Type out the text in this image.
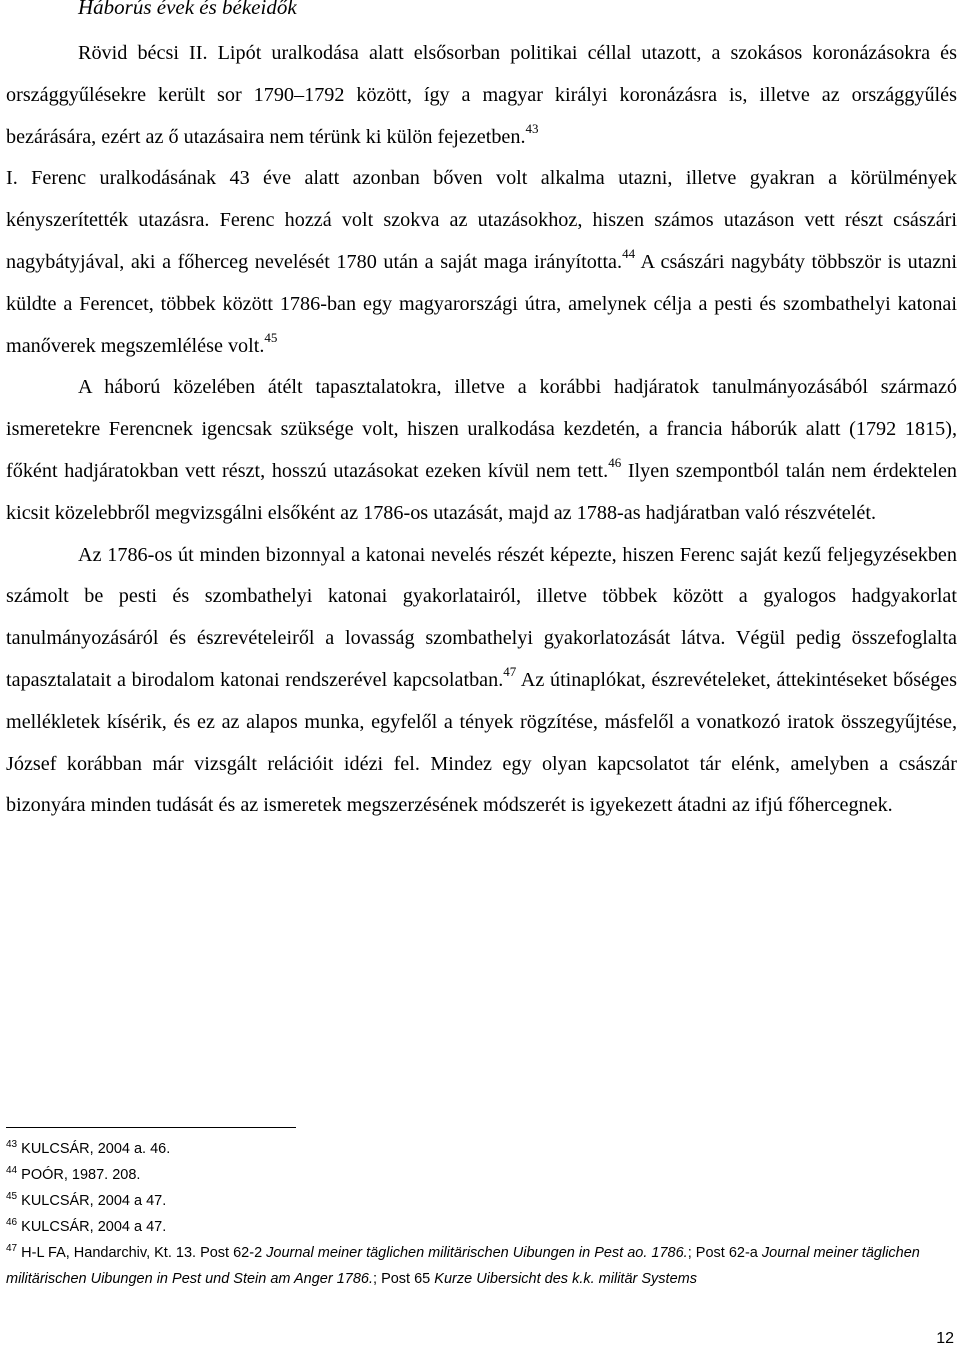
Háborús évek és békeidők

Rövid bécsi II. Lipót uralkodása alatt elsősorban politikai céllal utazott, a szokásos koronázásokra és országgyűlésekre került sor 1790–1792 között, így a magyar királyi koronázásra is, illetve az országgyűlés bezárására, ezért az ő utazásaira nem térünk ki külön fejezetben.$^{43}$

I. Ferenc uralkodásának 43 éve alatt azonban bőven volt alkalma utazni, illetve gyakran a körülmények kényszerítették utazásra. Ferenc hozzá volt szokva az utazásokhoz, hiszen számos utazáson vett részt császári nagybátyjával, aki a főherceg nevelését 1780 után a saját maga irányította.$^{44}$ A császári nagybáty többször is utazni küldte a Ferencet, többek között 1786-ban egy magyarországi útra, amelynek célja a pesti és szombathelyi katonai manőverek megszemlélése volt.$^{45}$

A háború közelében átélt tapasztalatokra, illetve a korábbi hadjáratok tanulmányozásából származó ismeretekre Ferencnek igencsak szüksége volt, hiszen uralkodása kezdetén, a francia háborúk alatt (1792 1815), főként hadjáratokban vett részt, hosszú utazásokat ezeken kívül nem tett.$^{46}$ Ilyen szempontból talán nem érdektelen kicsit közelebbről megvizsgálni elsőként az 1786-os utazását, majd az 1788-as hadjáratban való részvételét.

Az 1786-os út minden bizonnyal a katonai nevelés részét képezte, hiszen Ferenc saját kezű feljegyzésekben számolt be pesti és szombathelyi katonai gyakorlatairól, illetve többek között a gyalogos hadgyakorlat tanulmányozásáról és észrevételeiről a lovasság szombathelyi gyakorlatozását látva. Végül pedig összefoglalta tapasztalatait a birodalom katonai rendszerével kapcsolatban.$^{47}$ Az útinaplókat, észrevételeket, áttekintéseket bőséges mellékletek kísérik, és ez az alapos munka, egyfelől a tények rögzítése, másfelől a vonatkozó iratok összegyűjtése, József korábban már vizsgált relációit idézi fel. Mindez egy olyan kapcsolatot tár elénk, amelyben a császár bizonyára minden tudását és az ismeretek megszerzésének módszerét is igyekezett átadni az ifjú főhercegnek.

$^{43}$ KULCSÁR, 2004 a. 46.

$^{44}$ POÓR, 1987. 208.

$^{45}$ KULCSÁR, 2004 a 47.

$^{46}$ KULCSÁR, 2004 a 47.

$^{47}$ H-L FA, Handarchiv, Kt. 13. Post 62-2 Journal meiner täglichen militärischen Uibungen in Pest ao. 1786.; Post 62-a Journal meiner täglichen militärischen Uibungen in Pest und Stein am Anger 1786.; Post 65 Kurze Uibersicht des k.k. militär Systems

12
